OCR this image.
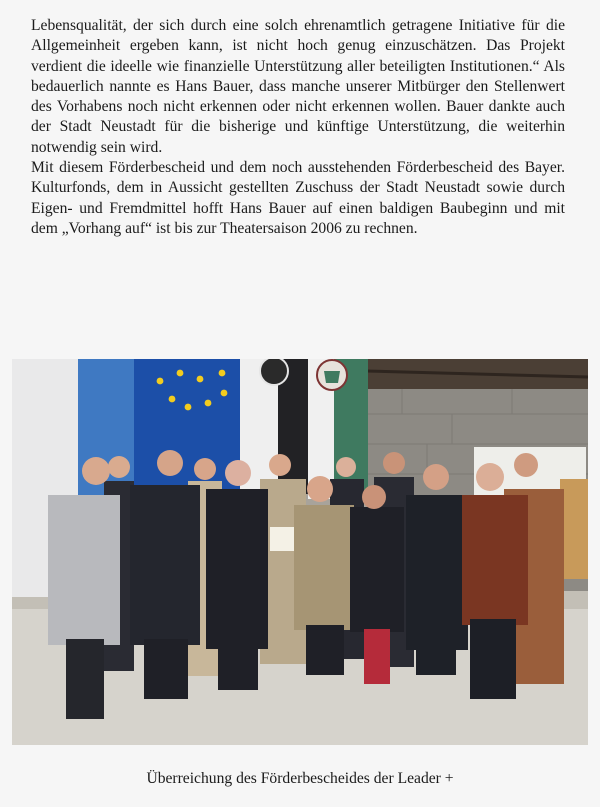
Lebensqualität, der sich durch eine solch ehrenamtlich getragene Initiative für die Allgemeinheit ergeben kann, ist nicht hoch genug einzuschätzen. Das Projekt verdient die ideelle wie finanzielle Unterstützung aller beteiligten Institutionen.“ Als bedauerlich nannte es Hans Bauer, dass manche unserer Mitbürger den Stellenwert des Vorhabens noch nicht erkennen oder nicht erkennen wollen. Bauer dankte auch der Stadt Neustadt für die bisherige und künftige Unterstützung, die weiterhin notwendig sein wird.

Mit diesem Förderbescheid und dem noch ausstehenden Förderbescheid des Bayer. Kulturfonds, dem in Aussicht gestellten Zuschuss der Stadt Neustadt sowie durch Eigen- und Fremdmittel hofft Hans Bauer auf einen baldigen Baubeginn und mit dem „Vorhang auf“ ist bis zur Theatersaison 2006 zu rechnen.

Überreichung des Förderbescheides der Leader +
